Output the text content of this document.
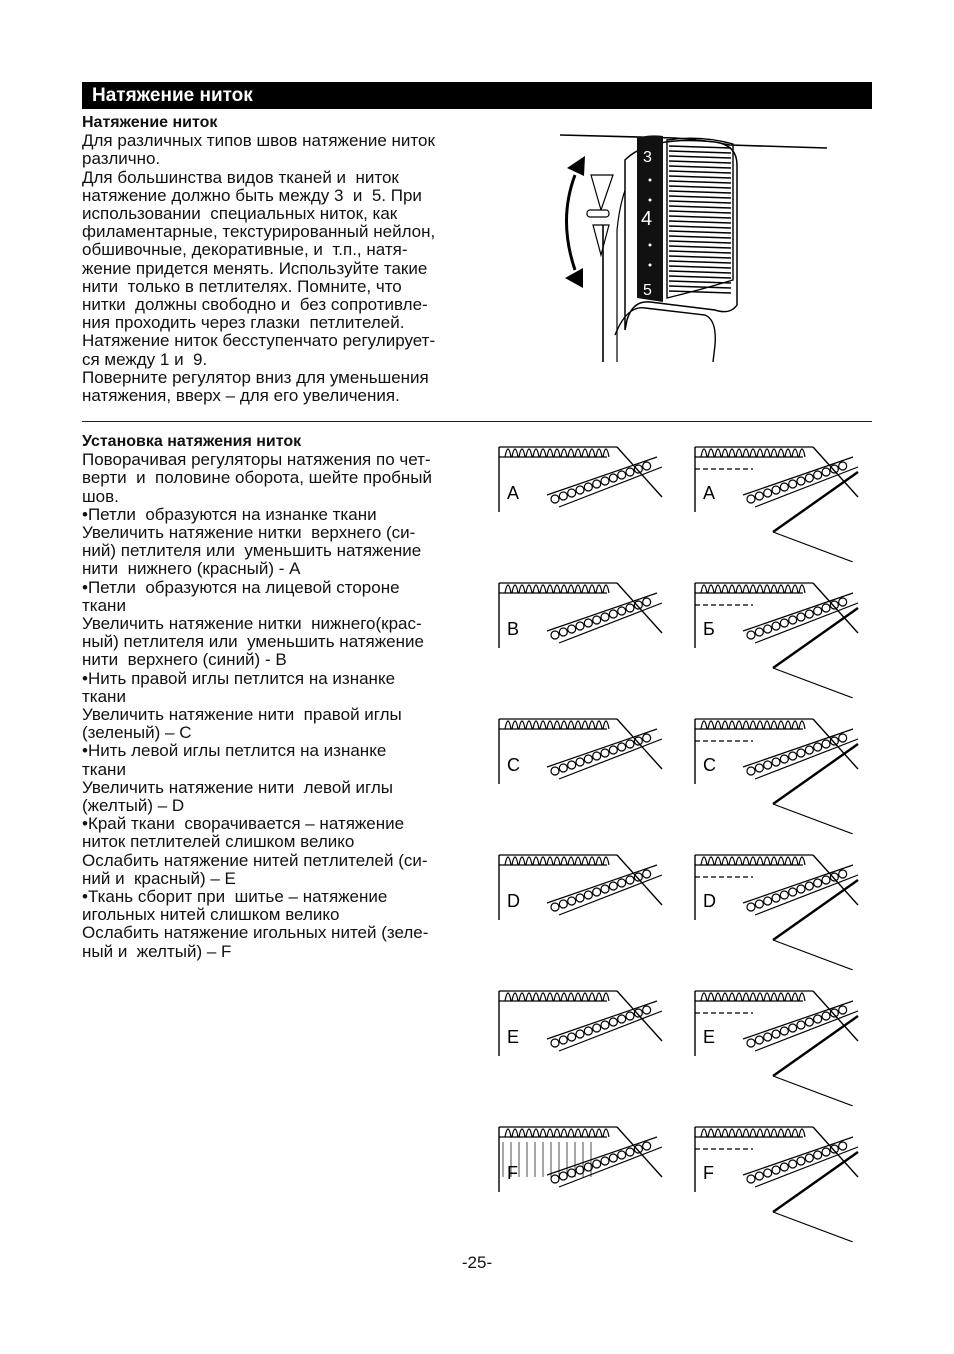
Натяжение ниток
Натяжение ниток
Для различных типов швов натяжение ниток
различно.
Для большинства видов тканей и  ниток
натяжение должно быть между 3  и  5. При
использовании  специальных ниток, как
филаментарные, текстурированный нейлон,
обшивочные, декоративные, и  т.п., натя-
жение придется менять. Используйте такие
нити  только в петлителях. Помните, что
нитки  должны свободно и  без сопротивле-
ния проходить через глазки  петлителей.
Натяжение ниток бесступенчато регулирует-
ся между 1 и  9.
Поверните регулятор вниз для уменьшения
натяжения, вверх – для его увеличения.
3
4
5
Установка натяжения ниток
Поворачивая регуляторы натяжения по чет-
верти  и  половине оборота, шейте пробный
шов.
•Петли  образуются на изнанке ткани
Увеличить натяжение нитки  верхнего (си-
ний) петлителя или  уменьшить натяжение
нити  нижнего (красный) - A
•Петли  образуются на лицевой стороне
ткани
Увеличить натяжение нитки  нижнего(крас-
ный) петлителя или  уменьшить натяжение
нити  верхнего (синий) - B
•Нить правой иглы петлится на изнанке
ткани
Увеличить натяжение нити  правой иглы
(зеленый) – C
•Нить левой иглы петлится на изнанке
ткани
Увеличить натяжение нити  левой иглы
(желтый) – D
•Край ткани  сворачивается – натяжение
ниток петлителей слишком велико
Ослабить натяжение нитей петлителей (си-
ний и  красный) – E
•Ткань сборит при  шитье – натяжение
игольных нитей слишком велико
Ослабить натяжение игольных нитей (зеле-
ный и  желтый) – F
A	A
B	Б
C	C
D	D
E	E
F	F
-25-
